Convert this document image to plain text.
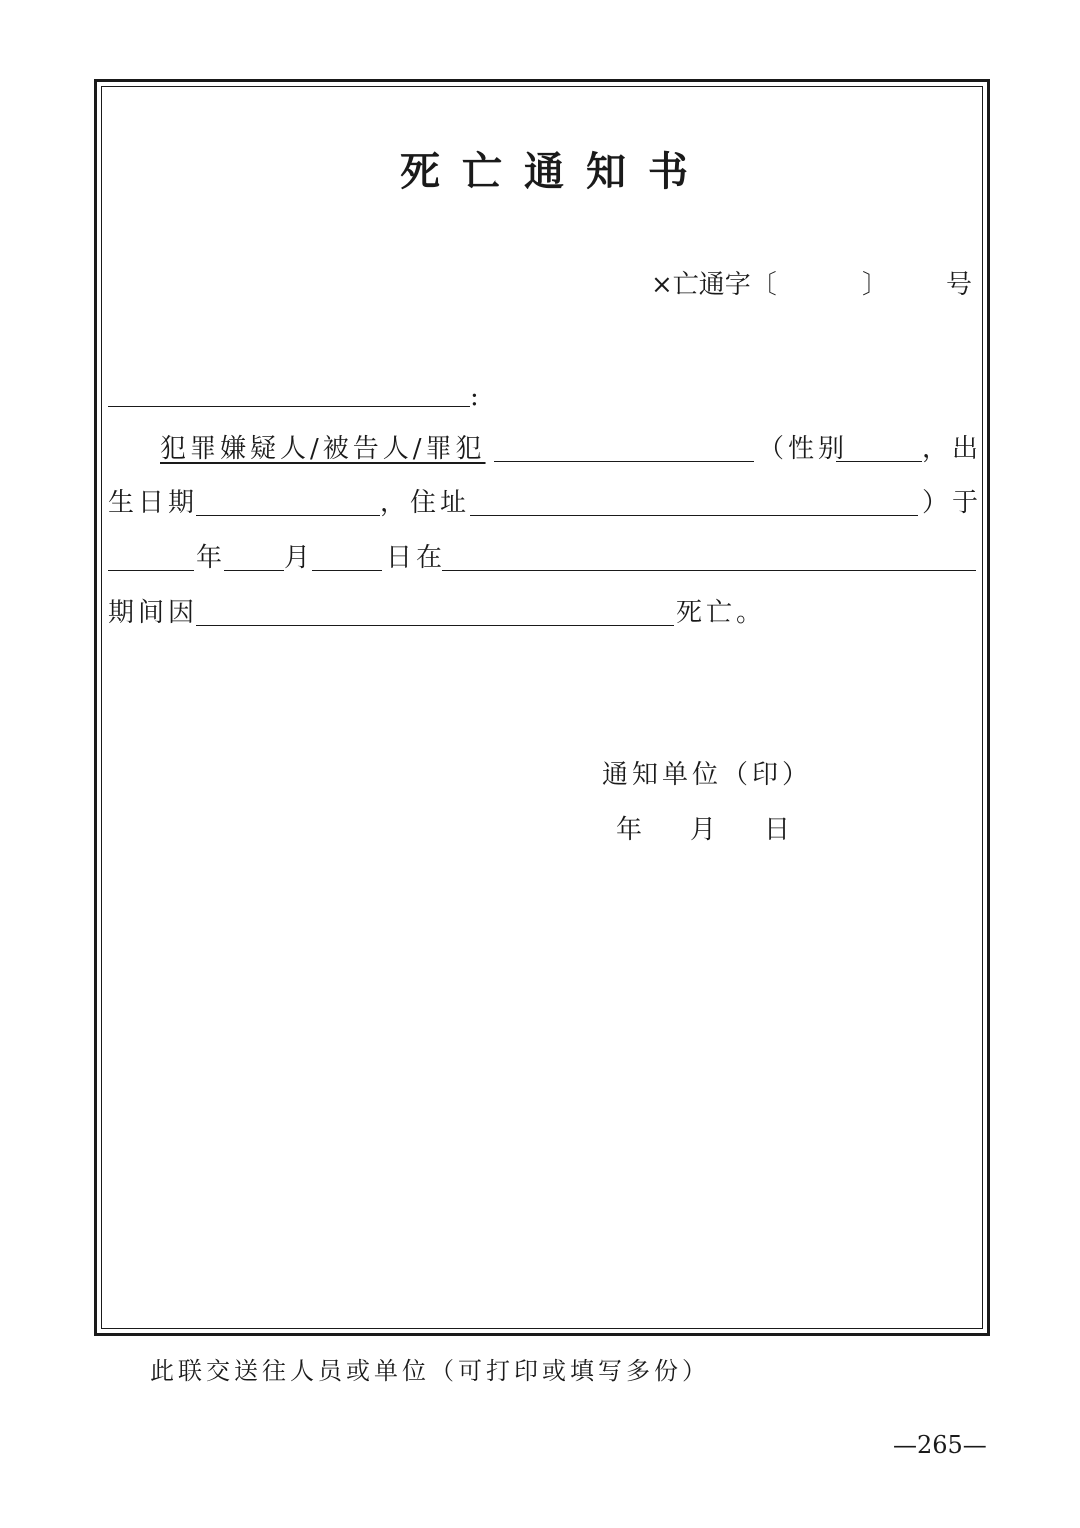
死亡通知书
×亡通字〔	〕 号
:
犯罪嫌疑人/被告人/罪犯	（性别	，出
生日期	，住址	）于
年 月	日在
期间因	死亡。
通知单位（印）
年 月 日
此联交送往人员或单位（可打印或填写多份）
—265—
